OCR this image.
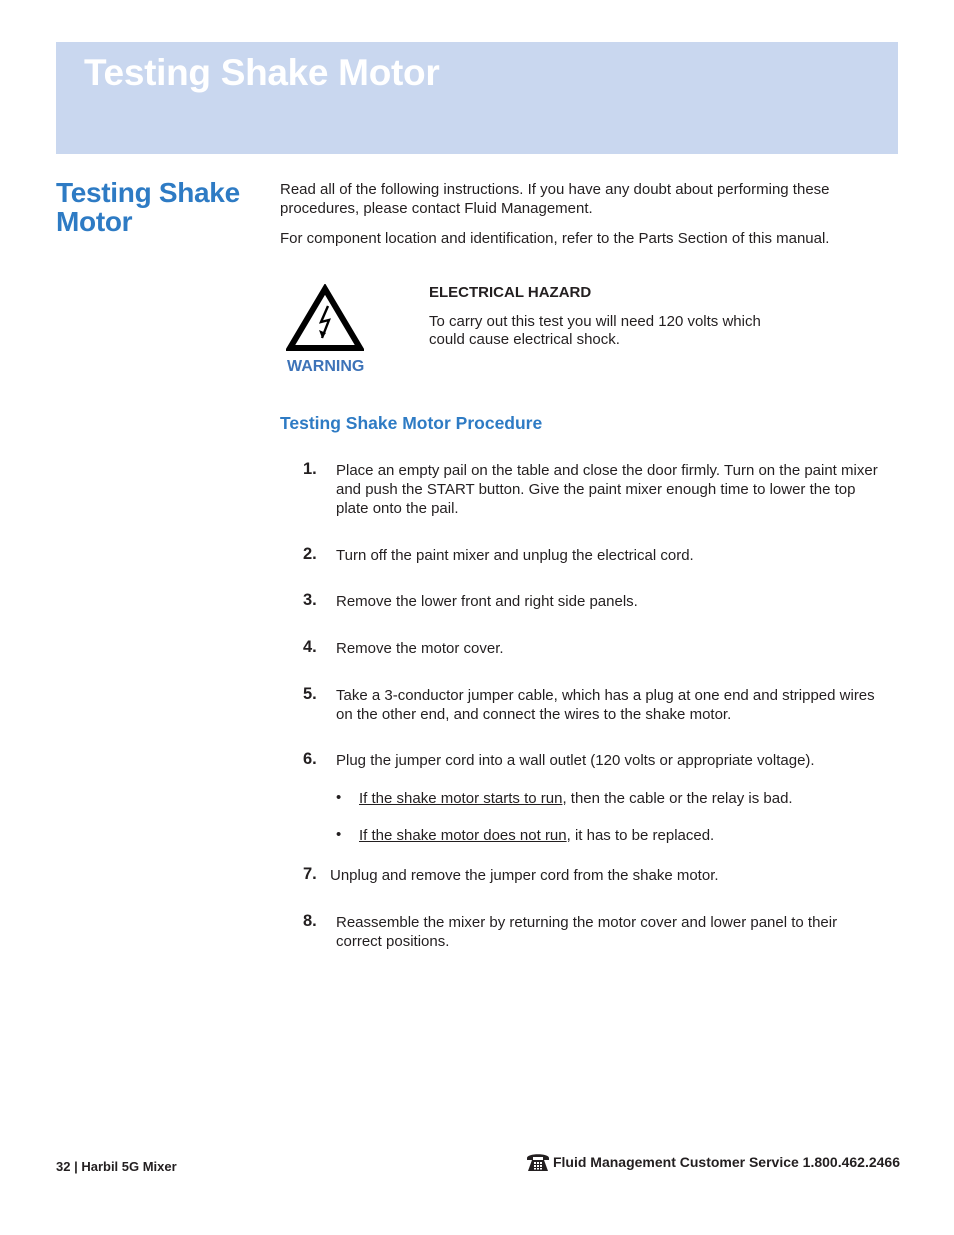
Testing Shake Motor
Testing Shake Motor

Read all of the following instructions. If you have any doubt about performing these procedures, please contact Fluid Management.

For component location and identification, refer to the Parts Section of this manual.

WARNING
ELECTRICAL HAZARD
To carry out this test you will need 120 volts which could cause electrical shock.
Testing Shake Motor Procedure
1. Place an empty pail on the table and close the door firmly. Turn on the paint mixer and push the START button. Give the paint mixer enough time to lower the top plate onto the pail.
2. Turn off the paint mixer and unplug the electrical cord.
3. Remove the lower front and right side panels.
4. Remove the motor cover.
5. Take a 3-conductor jumper cable, which has a plug at one end and stripped wires on the other end, and connect the wires to the shake motor.
6. Plug the jumper cord into a wall outlet (120 volts or appropriate voltage).
• If the shake motor starts to run, then the cable or the relay is bad.
• If the shake motor does not run, it has to be replaced.
7. Unplug and remove the jumper cord from the shake motor.
8. Reassemble the mixer by returning the motor cover and lower panel to their correct positions.
32 | Harbil 5G Mixer	Fluid Management Customer Service 1.800.462.2466
